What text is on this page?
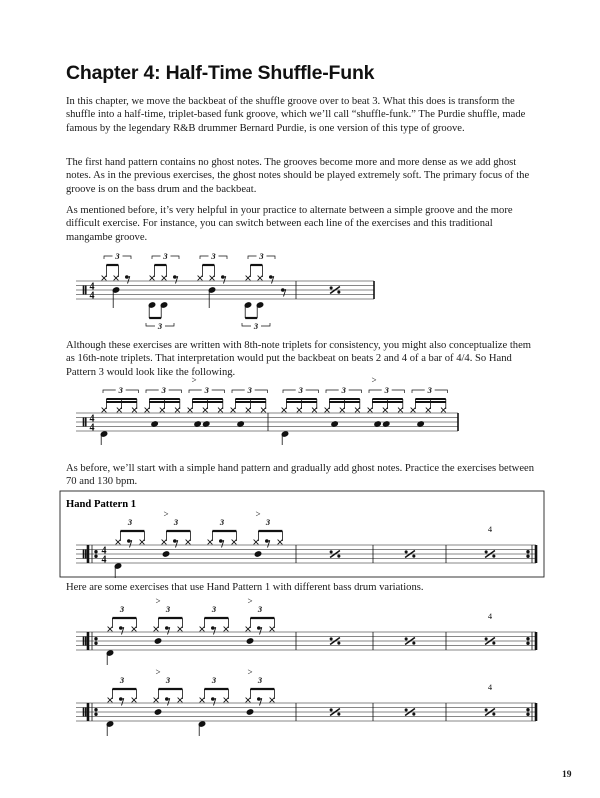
Chapter 4: Half-Time Shuffle-Funk

In this chapter, we move the backbeat of the shuffle groove over to beat 3. What this does is transform the shuffle into a half-time, triplet-based funk groove, which we’ll call “shuffle-funk.” The Purdie shuffle, made famous by the legendary R&B drummer Bernard Purdie, is one version of this type of groove.

The first hand pattern contains no ghost notes. The grooves become more and more dense as we add ghost notes. As in the previous exercises, the ghost notes should be played extremely soft. The primary focus of the groove is on the bass drum and the backbeat.

As mentioned before, it’s very helpful in your practice to alternate between a simple groove and the more difficult exercise. For instance, you can switch between each line of the exercises and this traditional mangambe groove.

Although these exercises are written with 8th-note triplets for consistency, you might also conceptualize them as 16th-note triplets. That interpretation would put the backbeat on beats 2 and 4 of a bar of 4/4. So Hand Pattern 3 would look like the following.

As before, we’ll start with a simple hand pattern and gradually add ghost notes. Practice the exercises between 70 and 130 bpm.

Here are some exercises that use Hand Pattern 1 with different bass drum variations.

4
4
3	3	3	3
3	3
4
4
3	3	3
>
3	3	3	3
>
3
4
4
3	3
>
3	3
>
4
3	3
>
3	3
>
4
3	3
>
3	3
>
4
Hand Pattern 1

19
